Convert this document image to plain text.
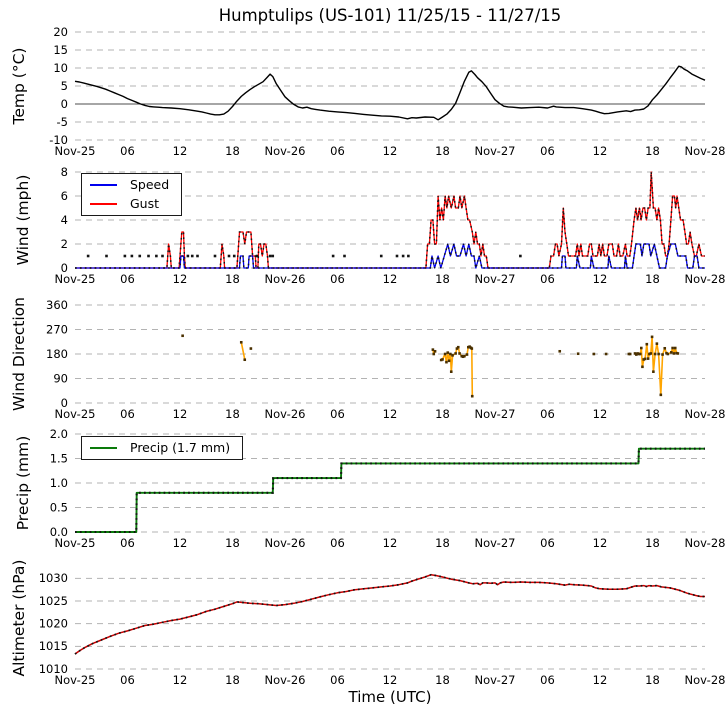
Humptulips (US-101) 11/25/15 - 11/27/15
20
15
10
5
0
-5
-10
Nov-25 06	12	18 Nov-26 06	12	18 Nov-27 06	12	18 Nov-28
8
6
4
2
0
Nov-25 06	12	18 Nov-26 06	12	18 Nov-27 06	12	18 Nov-28
360
270
180
90
0
Nov-25 06	12	18 Nov-26 06	12	18 Nov-27 06	12	18 Nov-28
2.0
1.5
1.0
0.5
0.0
Nov-25 06	12	18 Nov-26 06	12	18 Nov-27 06	12	18 Nov-28
1030
1025
1020
1015
1010
Nov-25 06	12	18 Nov-26 06	12	18 Nov-27 06	12	18 Nov-28
Temp (°C)
Wind (mph)
Wind Direction
Precip (mm)
Altimeter (hPa)
Speed
Gust
Precip (1.7 mm)
Time (UTC)
